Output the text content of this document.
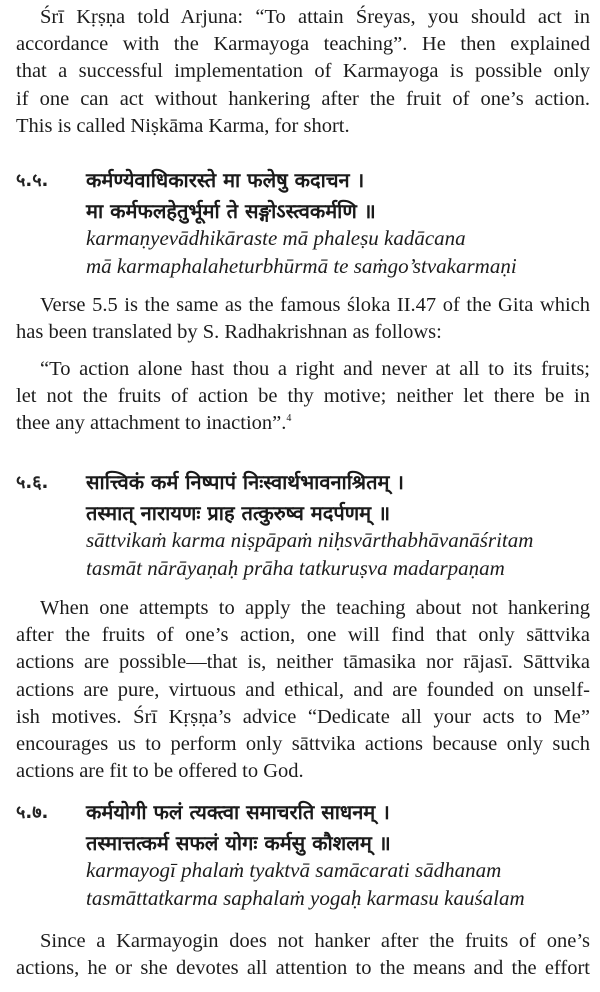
Śrī Kṛṣṇa told Arjuna: “To attain Śreyas, you should act in
accordance with the Karmayoga teaching”. He then explained
that a successful implementation of Karmayoga is possible only
if one can act without hankering after the fruit of one’s action.
This is called Niṣkāma Karma, for short.

५.५. कर्मण्येवाधिकारस्ते मा फलेषु कदाचन ।
मा कर्मफलहेतुर्भूर्मा ते सङ्गोऽस्त्वकर्मणि ॥
karmaṇyevādhikāraste mā phaleṣu kadācana
mā karmaphalaheturbhūrmā te saṁgo’stvakarmaṇi

Verse 5.5 is the same as the famous śloka II.47 of the Gita which
has been translated by S. Radhakrishnan as follows:

“To action alone hast thou a right and never at all to its fruits;
let not the fruits of action be thy motive; neither let there be in
thee any attachment to inaction”.$^4$

५.६. सात्त्विकं कर्म निष्पापं निःस्वार्थभावनाश्रितम् ।
तस्मात् नारायणः प्राह तत्कुरुष्व मदर्पणम् ॥
sāttvikaṁ karma niṣpāpaṁ niḥsvārthabhāvanāśritam
tasmāt nārāyaṇaḥ prāha tatkuruṣva madarpaṇam

When one attempts to apply the teaching about not hankering
after the fruits of one’s action, one will find that only sāttvika
actions are possible—that is, neither tāmasika nor rājasī. Sāttvika
actions are pure, virtuous and ethical, and are founded on unself-
ish motives. Śrī Kṛṣṇa’s advice “Dedicate all your acts to Me”
encourages us to perform only sāttvika actions because only such
actions are fit to be offered to God.

५.७. कर्मयोगी फलं त्यक्त्वा समाचरति साधनम् ।
तस्मात्तत्कर्म सफलं योगः कर्मसु कौशलम् ॥
karmayogī phalaṁ tyaktvā samācarati sādhanam
tasmāttatkarma saphalaṁ yogaḥ karmasu kauśalam

Since a Karmayogin does not hanker after the fruits of one’s
actions, he or she devotes all attention to the means and the effort
